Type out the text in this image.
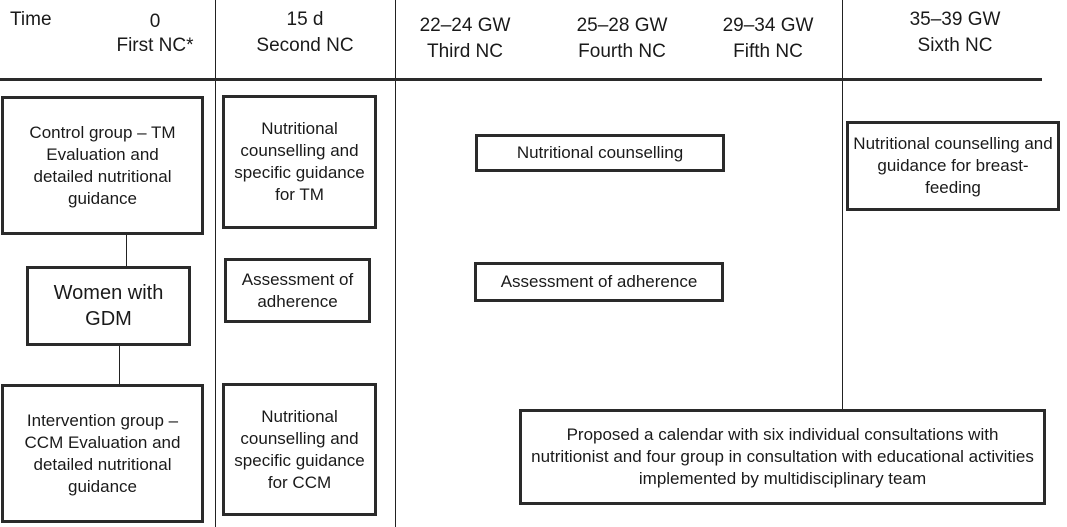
Time	0
First NC*
15 d
Second NC
22–24 GW
Third NC
25–28 GW
Fourth NC
29–34 GW
Fifth NC
35–39 GW
Sixth NC
Control group – TM Evaluation and detailed nutritional guidance
Women with GDM
Intervention group – CCM Evaluation and detailed nutritional guidance
Nutritional counselling and specific guidance for TM
Assessment of adherence
Nutritional counselling and specific guidance for CCM
Nutritional counselling
Assessment of adherence
Nutritional counselling and guidance for breast-feeding
Proposed a calendar with six individual consultations with nutritionist and four group in consultation with educational activities implemented by multidisciplinary team
